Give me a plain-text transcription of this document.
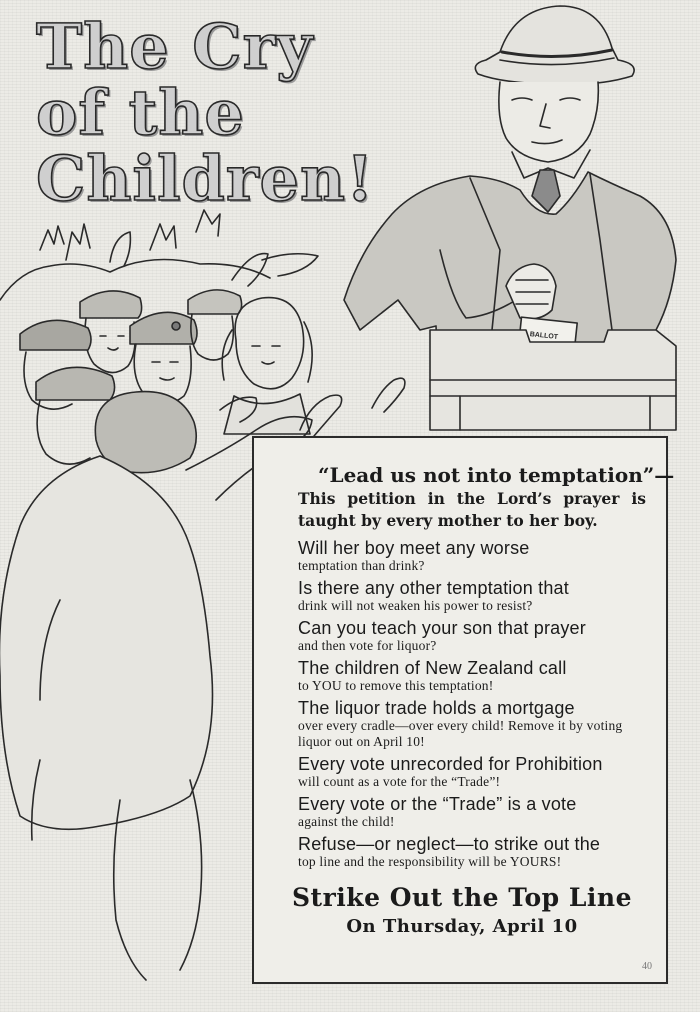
BALLOT
The Cry
of the
Children!

“Lead us not into temptation”—

This petition in the Lord’s prayer is taught by every mother to her boy.

Will her boy meet any worse
temptation than drink?
Is there any other temptation that
drink will not weaken his power to resist?
Can you teach your son that prayer
and then vote for liquor?
The children of New Zealand call
to YOU to remove this temptation!
The liquor trade holds a mortgage
over every cradle—over every child! Remove it by voting liquor out on April 10!
Every vote unrecorded for Prohibition
will count as a vote for the “Trade”!
Every vote or the “Trade” is a vote
against the child!
Refuse—or neglect—to strike out the
top line and the responsibility will be YOURS!
Strike Out the Top Line
On Thursday, April 10
40
